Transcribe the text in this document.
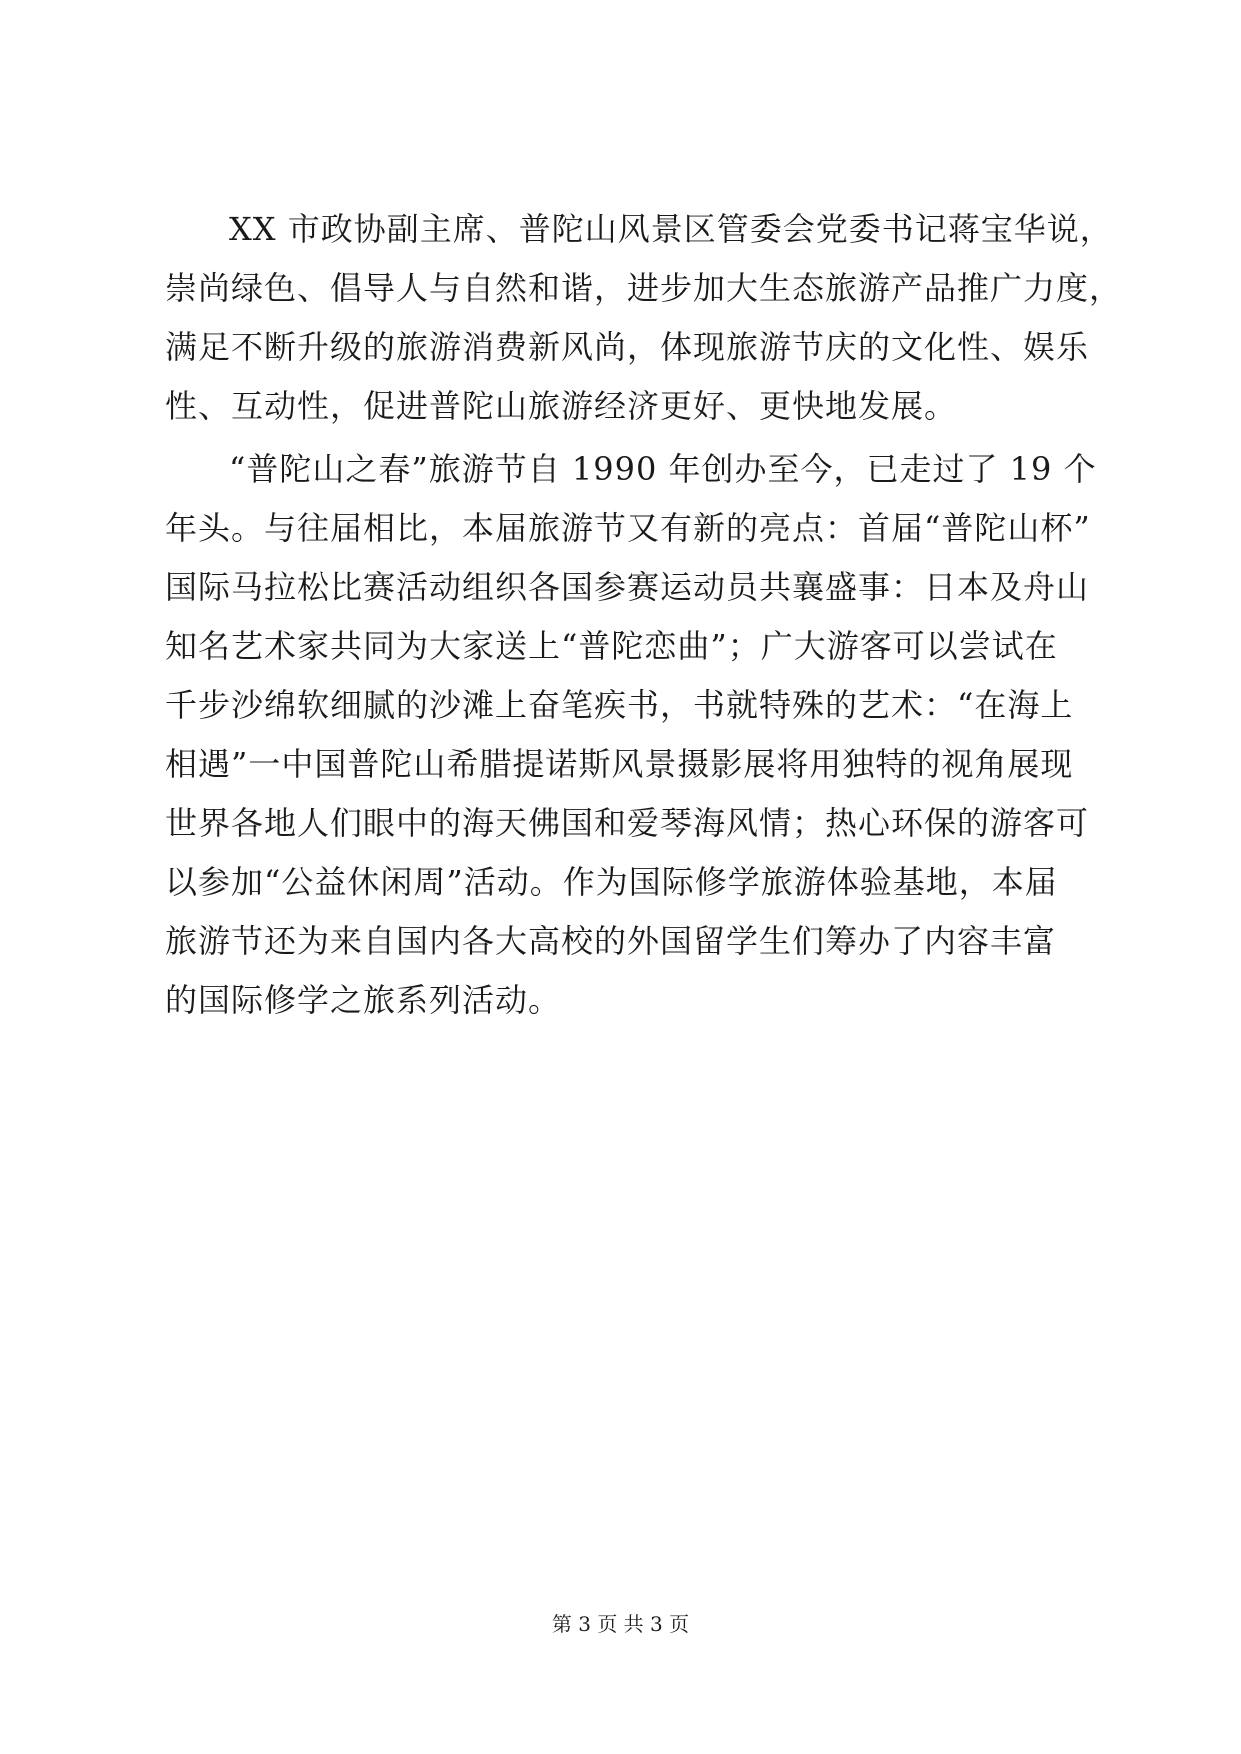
XX 市政协副主席、普陀山风景区管委会党委书记蒋宝华说，
崇尚绿色、倡导人与自然和谐，进步加大生态旅游产品推广力度，
满足不断升级的旅游消费新风尚，体现旅游节庆的文化性、娱乐
性、互动性，促进普陀山旅游经济更好、更快地发展。
“普陀山之春”旅游节自 1990 年创办至今，已走过了 19 个
年头。与往届相比，本届旅游节又有新的亮点：首届“普陀山杯”
国际马拉松比赛活动组织各国参赛运动员共襄盛事：日本及舟山
知名艺术家共同为大家送上“普陀恋曲”；广大游客可以尝试在
千步沙绵软细腻的沙滩上奋笔疾书，书就特殊的艺术：“在海上
相遇”一中国普陀山希腊提诺斯风景摄影展将用独特的视角展现
世界各地人们眼中的海天佛国和爱琴海风情；热心环保的游客可
以参加“公益休闲周”活动。作为国际修学旅游体验基地，本届
旅游节还为来自国内各大高校的外国留学生们筹办了内容丰富
的国际修学之旅系列活动。
第 3 页 共 3 页
